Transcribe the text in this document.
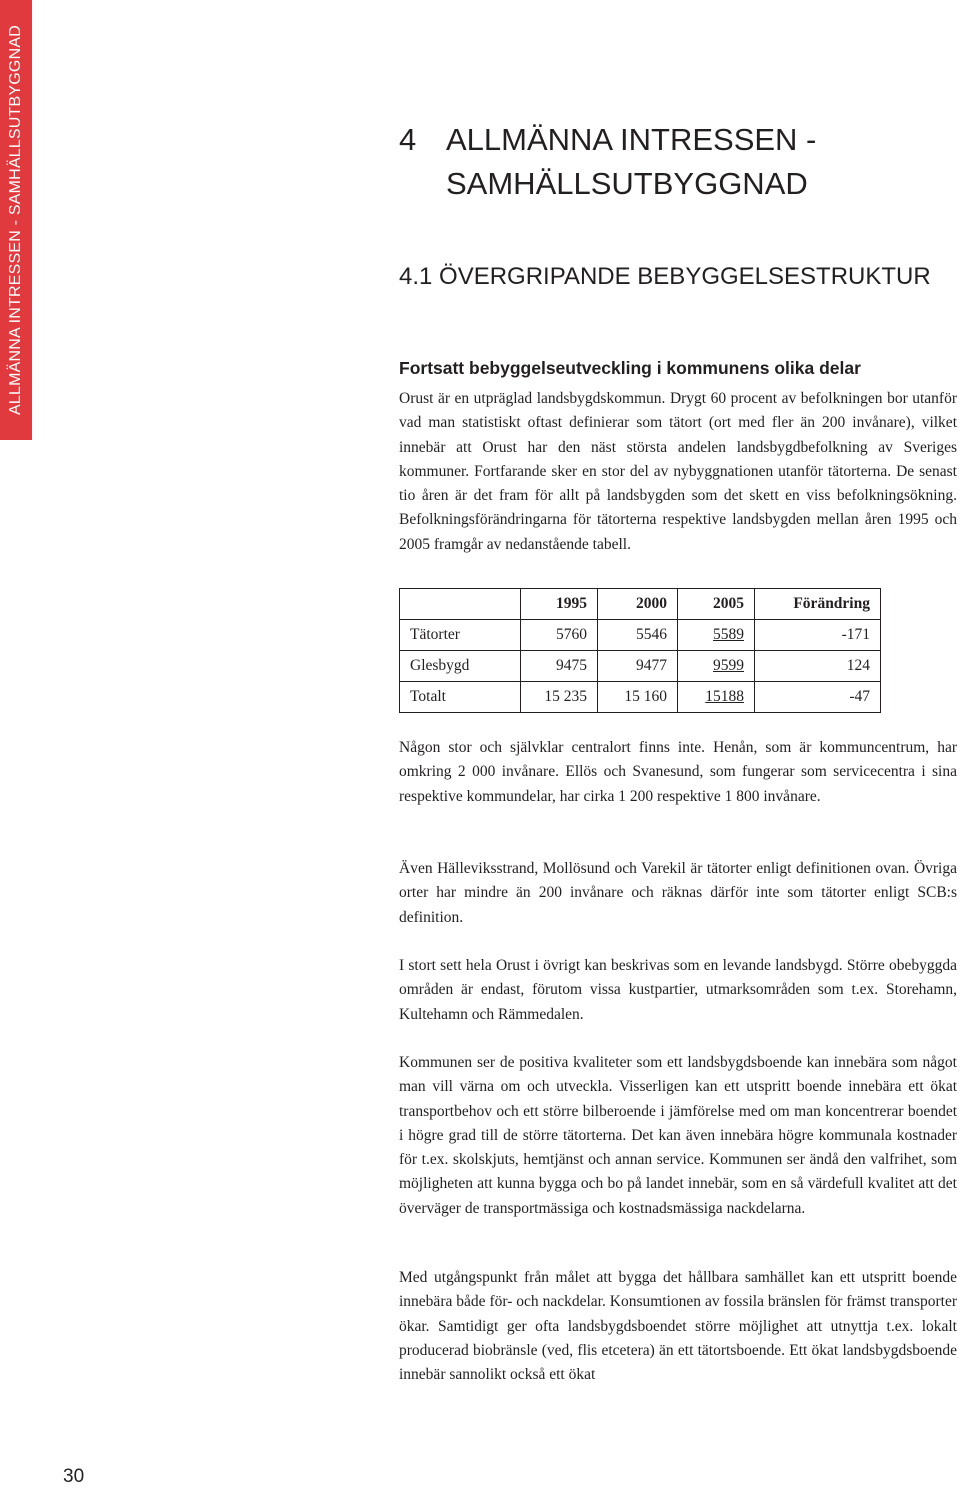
ALLMÄNNA INTRESSEN - SAMHÄLLSUTBYGGNAD	4 ALLMÄNNA INTRESSEN -
SAMHÄLLSUTBYGGNAD
4.1 ÖVERGRIPANDE BEBYGGELSESTRUKTUR
Fortsatt bebyggelseutveckling i kommunens olika delar

Orust är en utpräglad landsbygdskommun. Drygt 60 procent av befolkningen bor utanför vad man statistiskt oftast definierar som tätort (ort med fler än 200 invånare), vilket innebär att Orust har den näst största andelen landsbygdbefolkning av Sveriges kommuner. Fortfarande sker en stor del av nybyggnationen utanför tätorterna. De senast tio åren är det fram för allt på landsbygden som det skett en viss befolkningsökning. Befolkningsförändringarna för tätorterna respektive landsbygden mellan åren 1995 och 2005 framgår av nedanstående tabell.

	1995	2000	2005	Förändring
Tätorter	5760	5546	5589	-171
Glesbygd	9475	9477	9599	124
Totalt	15 235	15 160	15188	-47

Någon stor och självklar centralort finns inte. Henån, som är kommuncentrum, har omkring 2 000 invånare. Ellös och Svanesund, som fungerar som servicecentra i sina respektive kommundelar, har cirka 1 200 respektive 1 800 invånare.

Även Hälleviksstrand, Mollösund och Varekil är tätorter enligt definitionen ovan. Övriga orter har mindre än 200 invånare och räknas därför inte som tätorter enligt SCB:s definition.

I stort sett hela Orust i övrigt kan beskrivas som en levande landsbygd. Större obebyggda områden är endast, förutom vissa kustpartier, utmarksområden som t.ex. Storehamn, Kultehamn och Rämmedalen.

Kommunen ser de positiva kvaliteter som ett landsbygdsboende kan innebära som något man vill värna om och utveckla. Visserligen kan ett utspritt boende innebära ett ökat transportbehov och ett större bilberoende i jämförelse med om man koncentrerar boendet i högre grad till de större tätorterna. Det kan även innebära högre kommunala kostnader för t.ex. skolskjuts, hemtjänst och annan service. Kommunen ser ändå den valfrihet, som möjligheten att kunna bygga och bo på landet innebär, som en så värdefull kvalitet att det överväger de transportmässiga och kostnadsmässiga nackdelarna.

Med utgångspunkt från målet att bygga det hållbara samhället kan ett utspritt boende innebära både för- och nackdelar. Konsumtionen av fossila bränslen för främst transporter ökar. Samtidigt ger ofta landsbygdsboendet större möjlighet att utnyttja t.ex. lokalt producerad biobränsle (ved, flis etcetera) än ett tätortsboende. Ett ökat landsbygdsboende innebär sannolikt också ett ökat

30
